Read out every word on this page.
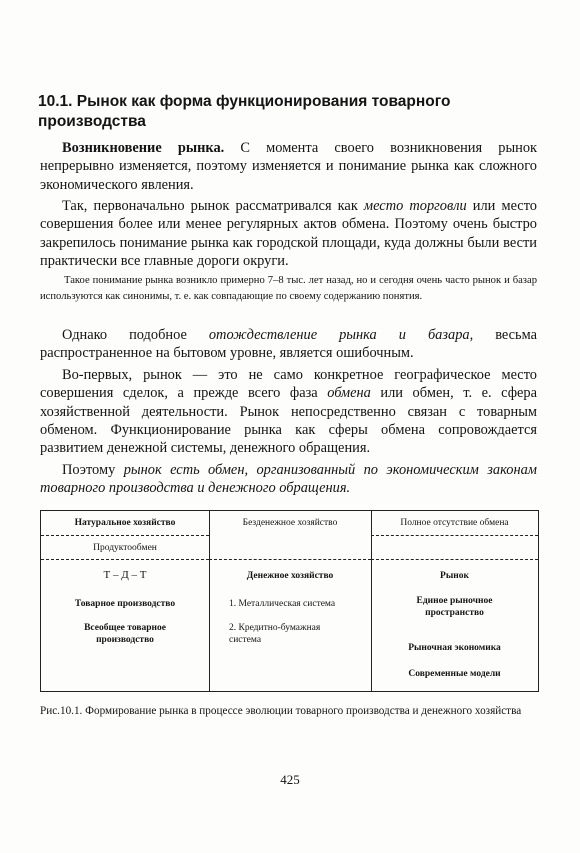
10.1. Рынок как форма функционирования товарного производства

Возникновение рынка. С момента своего возникновения рынок непрерывно изменяется, поэтому изменяется и понимание рынка как сложного экономического явления.

Так, первоначально рынок рассматривался как место торговли или место совершения более или менее регулярных актов обмена. Поэтому очень быстро закрепилось понимание рынка как городской площади, куда должны были вести практически все главные дороги округи.

Такое понимание рынка возникло примерно 7–8 тыс. лет назад, но и сегодня очень часто рынок и базар используются как синонимы, т. е. как совпадающие по своему содержанию понятия.

Однако подобное отождествление рынка и базара, весьма распространенное на бытовом уровне, является ошибочным.

Во-первых, рынок — это не само конкретное географическое место совершения сделок, а прежде всего фаза обмена или обмен, т. е. сфера хозяйственной деятельности. Рынок непосредственно связан с товарным обменом. Функционирование рынка как сферы обмена сопровождается развитием денежной системы, денежного обращения.

Поэтому рынок есть обмен, организованный по экономическим законам товарного производства и денежного обращения.

Натуральное хозяйство
Продуктообмен
Т – Д – Т
Товарное производство
Всеобщее товарное производство
Безденежное хозяйство
Денежное хозяйство
1. Металлическая система
2. Кредитно-бумажная система
Полное отсутствие обмена
Рынок
Единое рыночное пространство
Рыночная экономика
Современные модели

Рис.10.1. Формирование рынка в процессе эволюции товарного производства и денежного хозяйства

425
